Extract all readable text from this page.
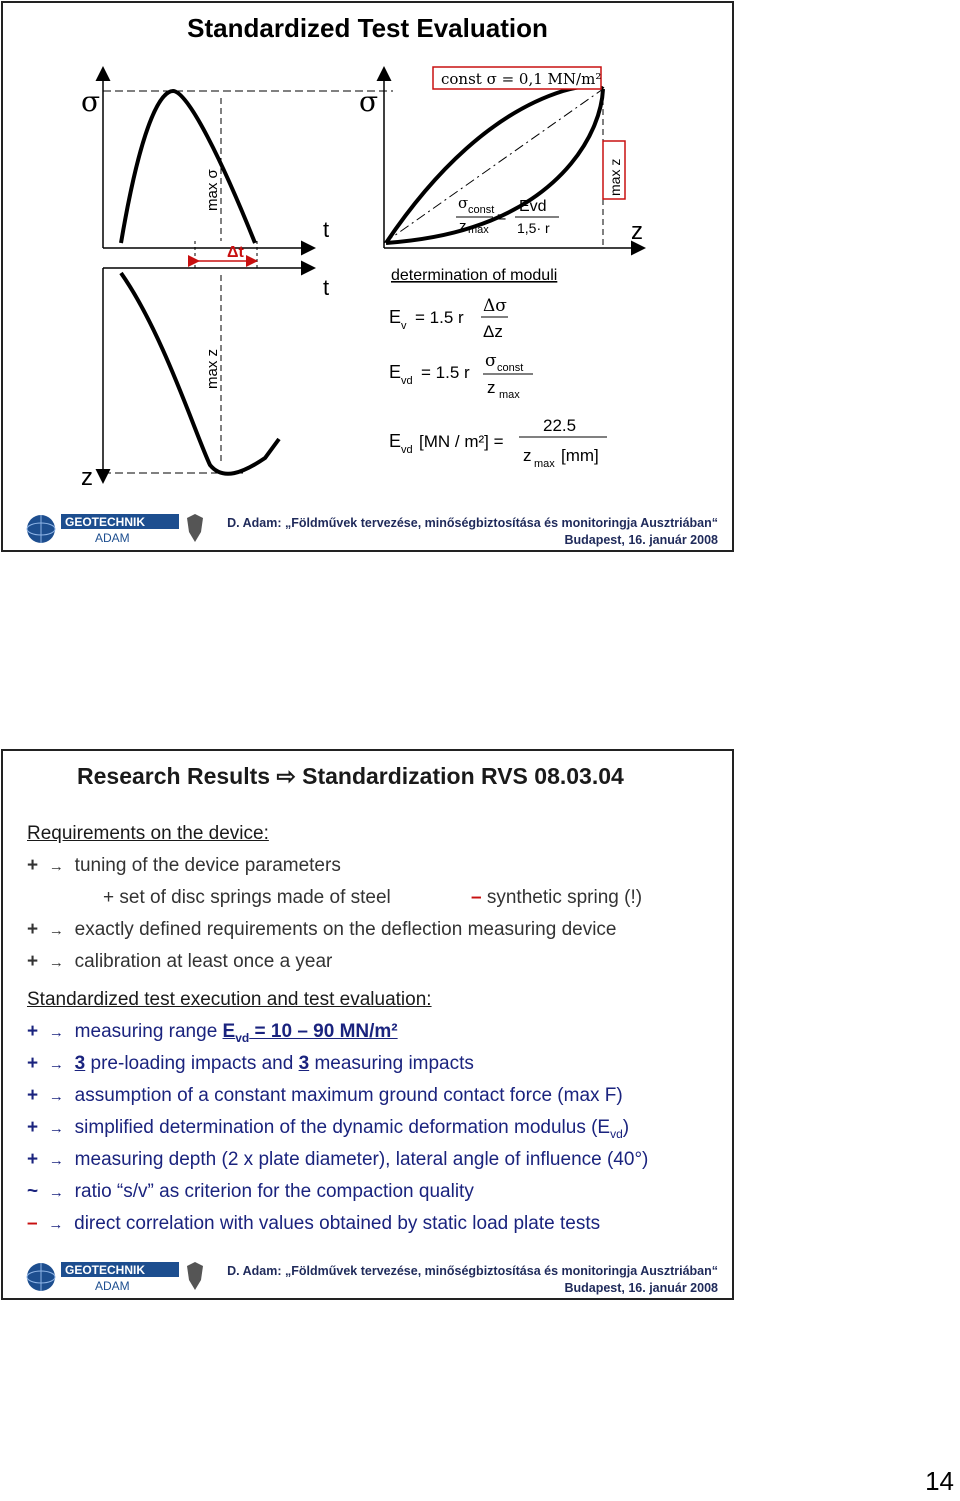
Standardized Test Evaluation
σ
max σ
Δt
t
t
z
max z
σ
z
const σ = 0,1 MN/m²
max z
σ const
z max
=
Evd
1,5· r
determination of moduli
E v = 1.5 r
Δσ
Δz
E vd = 1.5 r
σ const
z max
E vd [MN / m²] =
22.5
z max [mm]
GEOTECHNIK
ADAM
D. Adam: „Földművek tervezése, minőségbiztosítása és monitoringja Ausztriában“
Budapest, 16. január 2008
Research Results ⇨ Standardization RVS 08.03.04
Requirements on the device:
+ → tuning of the device parameters
+ set of disc springs made of steel	– synthetic spring (!)
+ → exactly defined requirements on the deflection measuring device
+ → calibration at least once a year
Standardized test execution and test evaluation:
+ → measuring range $E_{vd} = 10 - 90$ MN/m²
+ → 3 pre-loading impacts and 3 measuring impacts
+ → assumption of a constant maximum ground contact force (max F)
+ → simplified determination of the dynamic deformation modulus $(E_{vd})$
+ → measuring depth (2 x plate diameter), lateral angle of influence (40°)
~ → ratio “s/v” as criterion for the compaction quality
– → direct correlation with values obtained by static load plate tests
GEOTECHNIK
ADAM
D. Adam: „Földművek tervezése, minőségbiztosítása és monitoringja Ausztriában“
Budapest, 16. január 2008
14
